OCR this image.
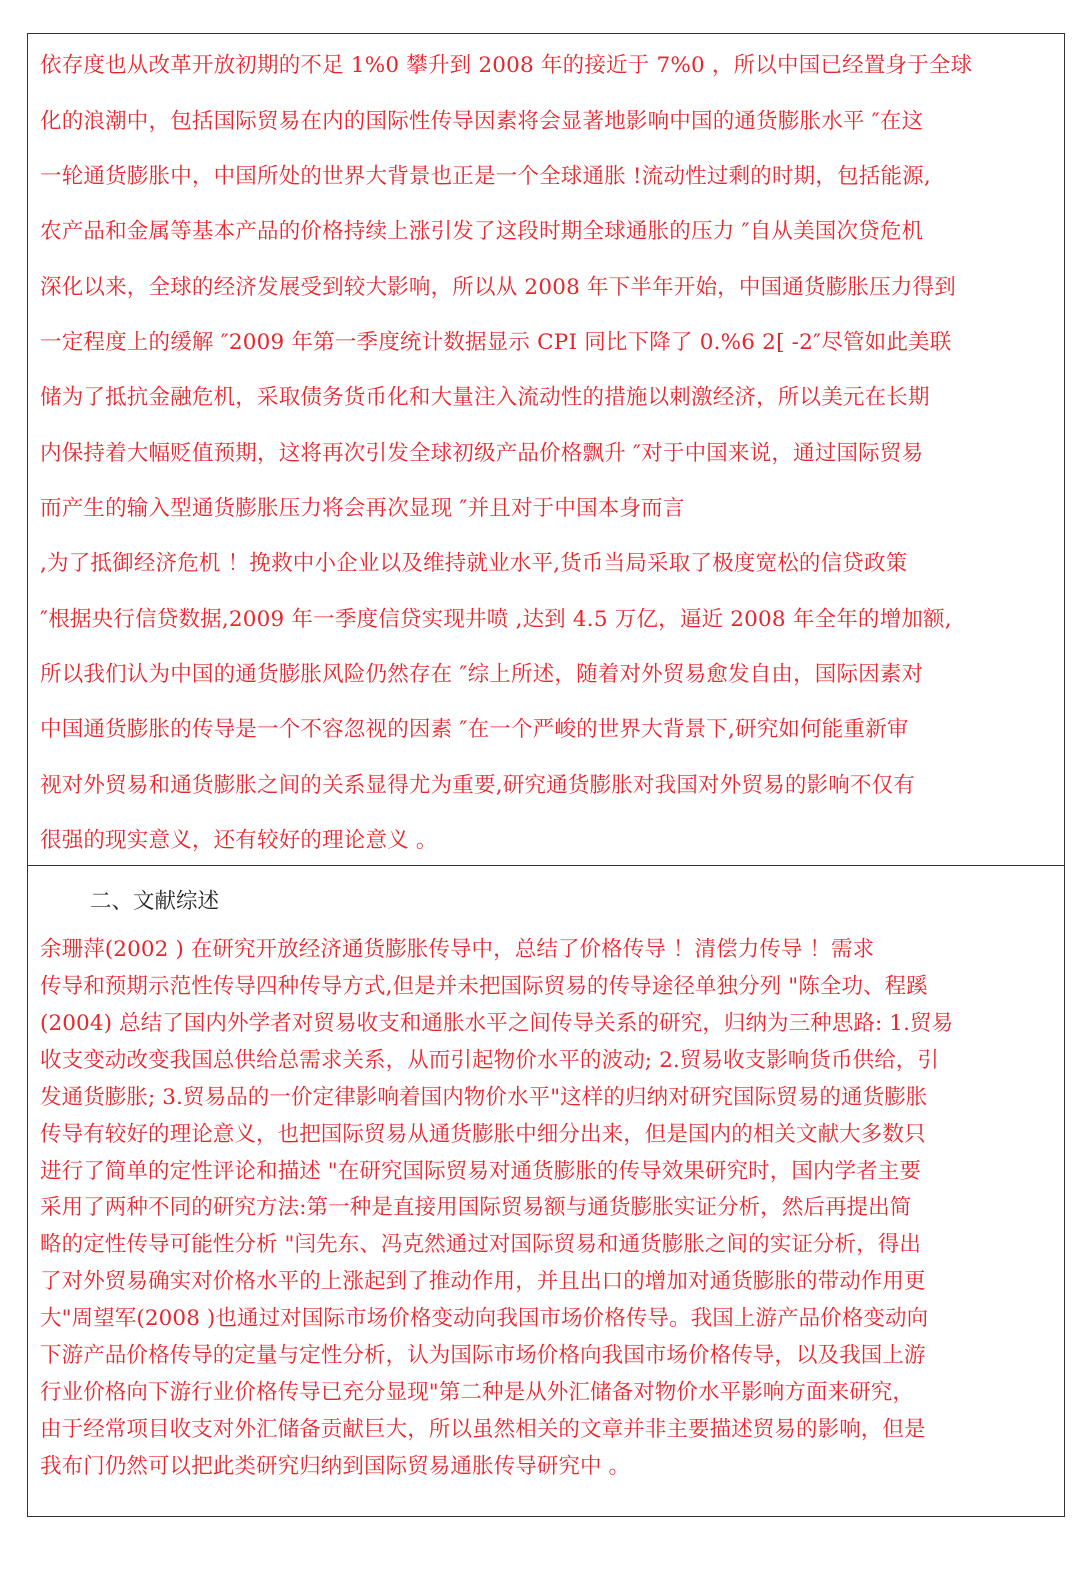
依存度也从改革开放初期的不足 1%0 攀升到 2008 年的接近于 7%0 ，所以中国已经置身于全球
化的浪潮中，包括国际贸易在内的国际性传导因素将会显著地影响中国的通货膨胀水平 ″在这
一轮通货膨胀中，中国所处的世界大背景也正是一个全球通胀 !流动性过剩的时期，包括能源,
农产品和金属等基本产品的价格持续上涨引发了这段时期全球通胀的压力 ″自从美国次贷危机
深化以来，全球的经济发展受到较大影响，所以从 2008 年下半年开始，中国通货膨胀压力得到
一定程度上的缓解 ″2009 年第一季度统计数据显示 CPI 同比下降了 0.%6 2[ -2″尽管如此美联
储为了抵抗金融危机，采取债务货币化和大量注入流动性的措施以刺激经济，所以美元在长期
内保持着大幅贬值预期，这将再次引发全球初级产品价格飘升 ″对于中国来说，通过国际贸易
而产生的输入型通货膨胀压力将会再次显现 ″并且对于中国本身而言
,为了抵御经济危机 ！挽救中小企业以及维持就业水平,货币当局采取了极度宽松的信贷政策
″根据央行信贷数据,2009 年一季度信贷实现井喷 ,达到 4.5 万亿，逼近 2008 年全年的增加额,
所以我们认为中国的通货膨胀风险仍然存在 ″综上所述，随着对外贸易愈发自由，国际因素对
中国通货膨胀的传导是一个不容忽视的因素 ″在一个严峻的世界大背景下,研究如何能重新审
视对外贸易和通货膨胀之间的关系显得尤为重要,研究通货膨胀对我国对外贸易的影响不仅有
很强的现实意义，还有较好的理论意义 。
二、文献综述
余珊萍(2002 ) 在研究开放经济通货膨胀传导中，总结了价格传导 ！清偿力传导 ！需求
传导和预期示范性传导四种传导方式,但是并未把国际贸易的传导途径单独分列 "陈全功、程蹊
(2004) 总结了国内外学者对贸易收支和通胀水平之间传导关系的研究，归纳为三种思路: 1.贸易
收支变动改变我国总供给总需求关系，从而引起物价水平的波动; 2.贸易收支影响货币供给，引
发通货膨胀; 3.贸易品的一价定律影响着国内物价水平"这样的归纳对研究国际贸易的通货膨胀
传导有较好的理论意义，也把国际贸易从通货膨胀中细分出来，但是国内的相关文献大多数只
进行了简单的定性评论和描述 "在研究国际贸易对通货膨胀的传导效果研究时，国内学者主要
采用了两种不同的研究方法:第一种是直接用国际贸易额与通货膨胀实证分析，然后再提出简
略的定性传导可能性分析 "闫先东、冯克然通过对国际贸易和通货膨胀之间的实证分析，得出
了对外贸易确实对价格水平的上涨起到了推动作用，并且出口的增加对通货膨胀的带动作用更
大"周望军(2008 )也通过对国际市场价格变动向我国市场价格传导。我国上游产品价格变动向
下游产品价格传导的定量与定性分析，认为国际市场价格向我国市场价格传导，以及我国上游
行业价格向下游行业价格传导已充分显现"第二种是从外汇储备对物价水平影响方面来研究，
由于经常项目收支对外汇储备贡献巨大，所以虽然相关的文章并非主要描述贸易的影响，但是
我布门仍然可以把此类研究归纳到国际贸易通胀传导研究中 。
